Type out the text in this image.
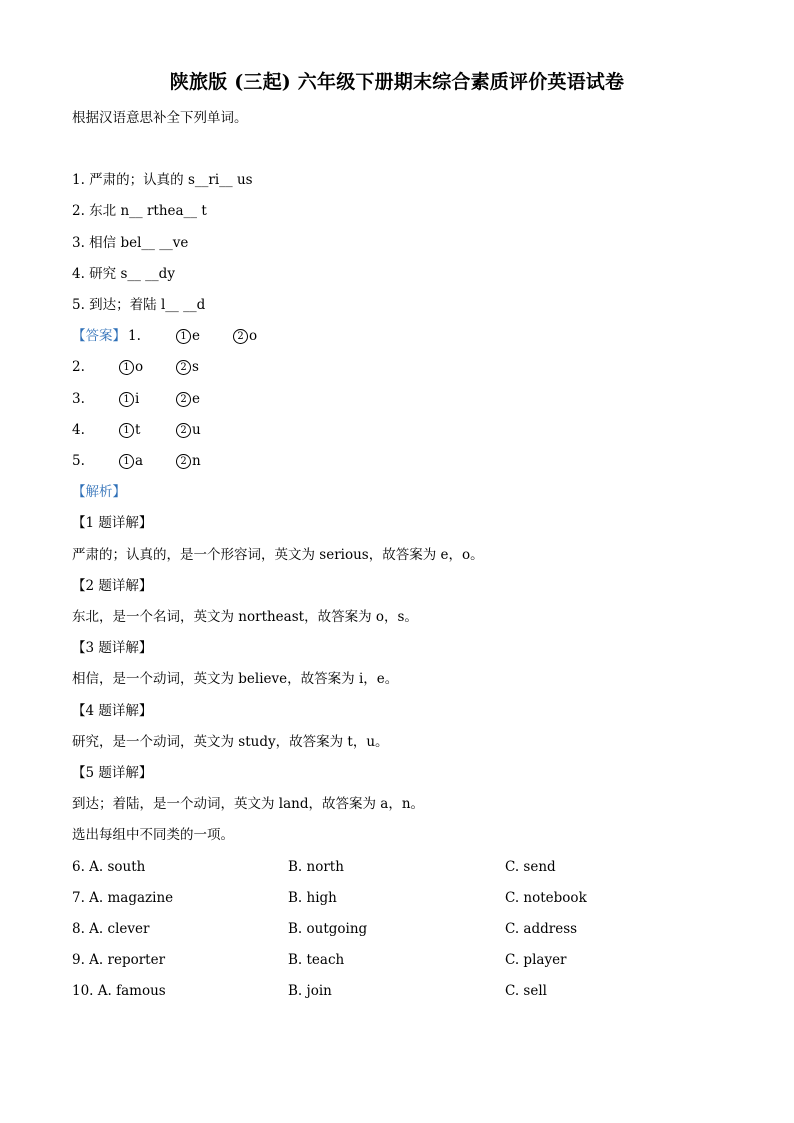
陕旅版 (三起) 六年级下册期末综合素质评价英语试卷
根据汉语意思补全下列单词。
1. 严肃的；认真的 s__ri__ us
2. 东北 n__ rthea__ t
3. 相信 bel__ __ve
4. 研究 s__ __dy
5. 到达；着陆 l__ __d
【答案】 1.	1 e	2 o
2.	1 o	2 s
3.	1 i	2 e
4.	1 t	2 u
5.	1 a	2 n
【解析】
【1 题详解】
严肃的；认真的，是一个形容词，英文为 serious，故答案为 e，o。
【2 题详解】
东北，是一个名词，英文为 northeast，故答案为 o，s。
【3 题详解】
相信，是一个动词，英文为 believe，故答案为 i，e。
【4 题详解】
研究，是一个动词，英文为 study，故答案为 t，u。
【5 题详解】
到达；着陆，是一个动词，英文为 land，故答案为 a，n。
选出每组中不同类的一项。
6. A. south	B. north	C. send
7. A. magazine	B. high	C. notebook
8. A. clever	B. outgoing	C. address
9. A. reporter	B. teach	C. player
10. A. famous	B. join	C. sell
